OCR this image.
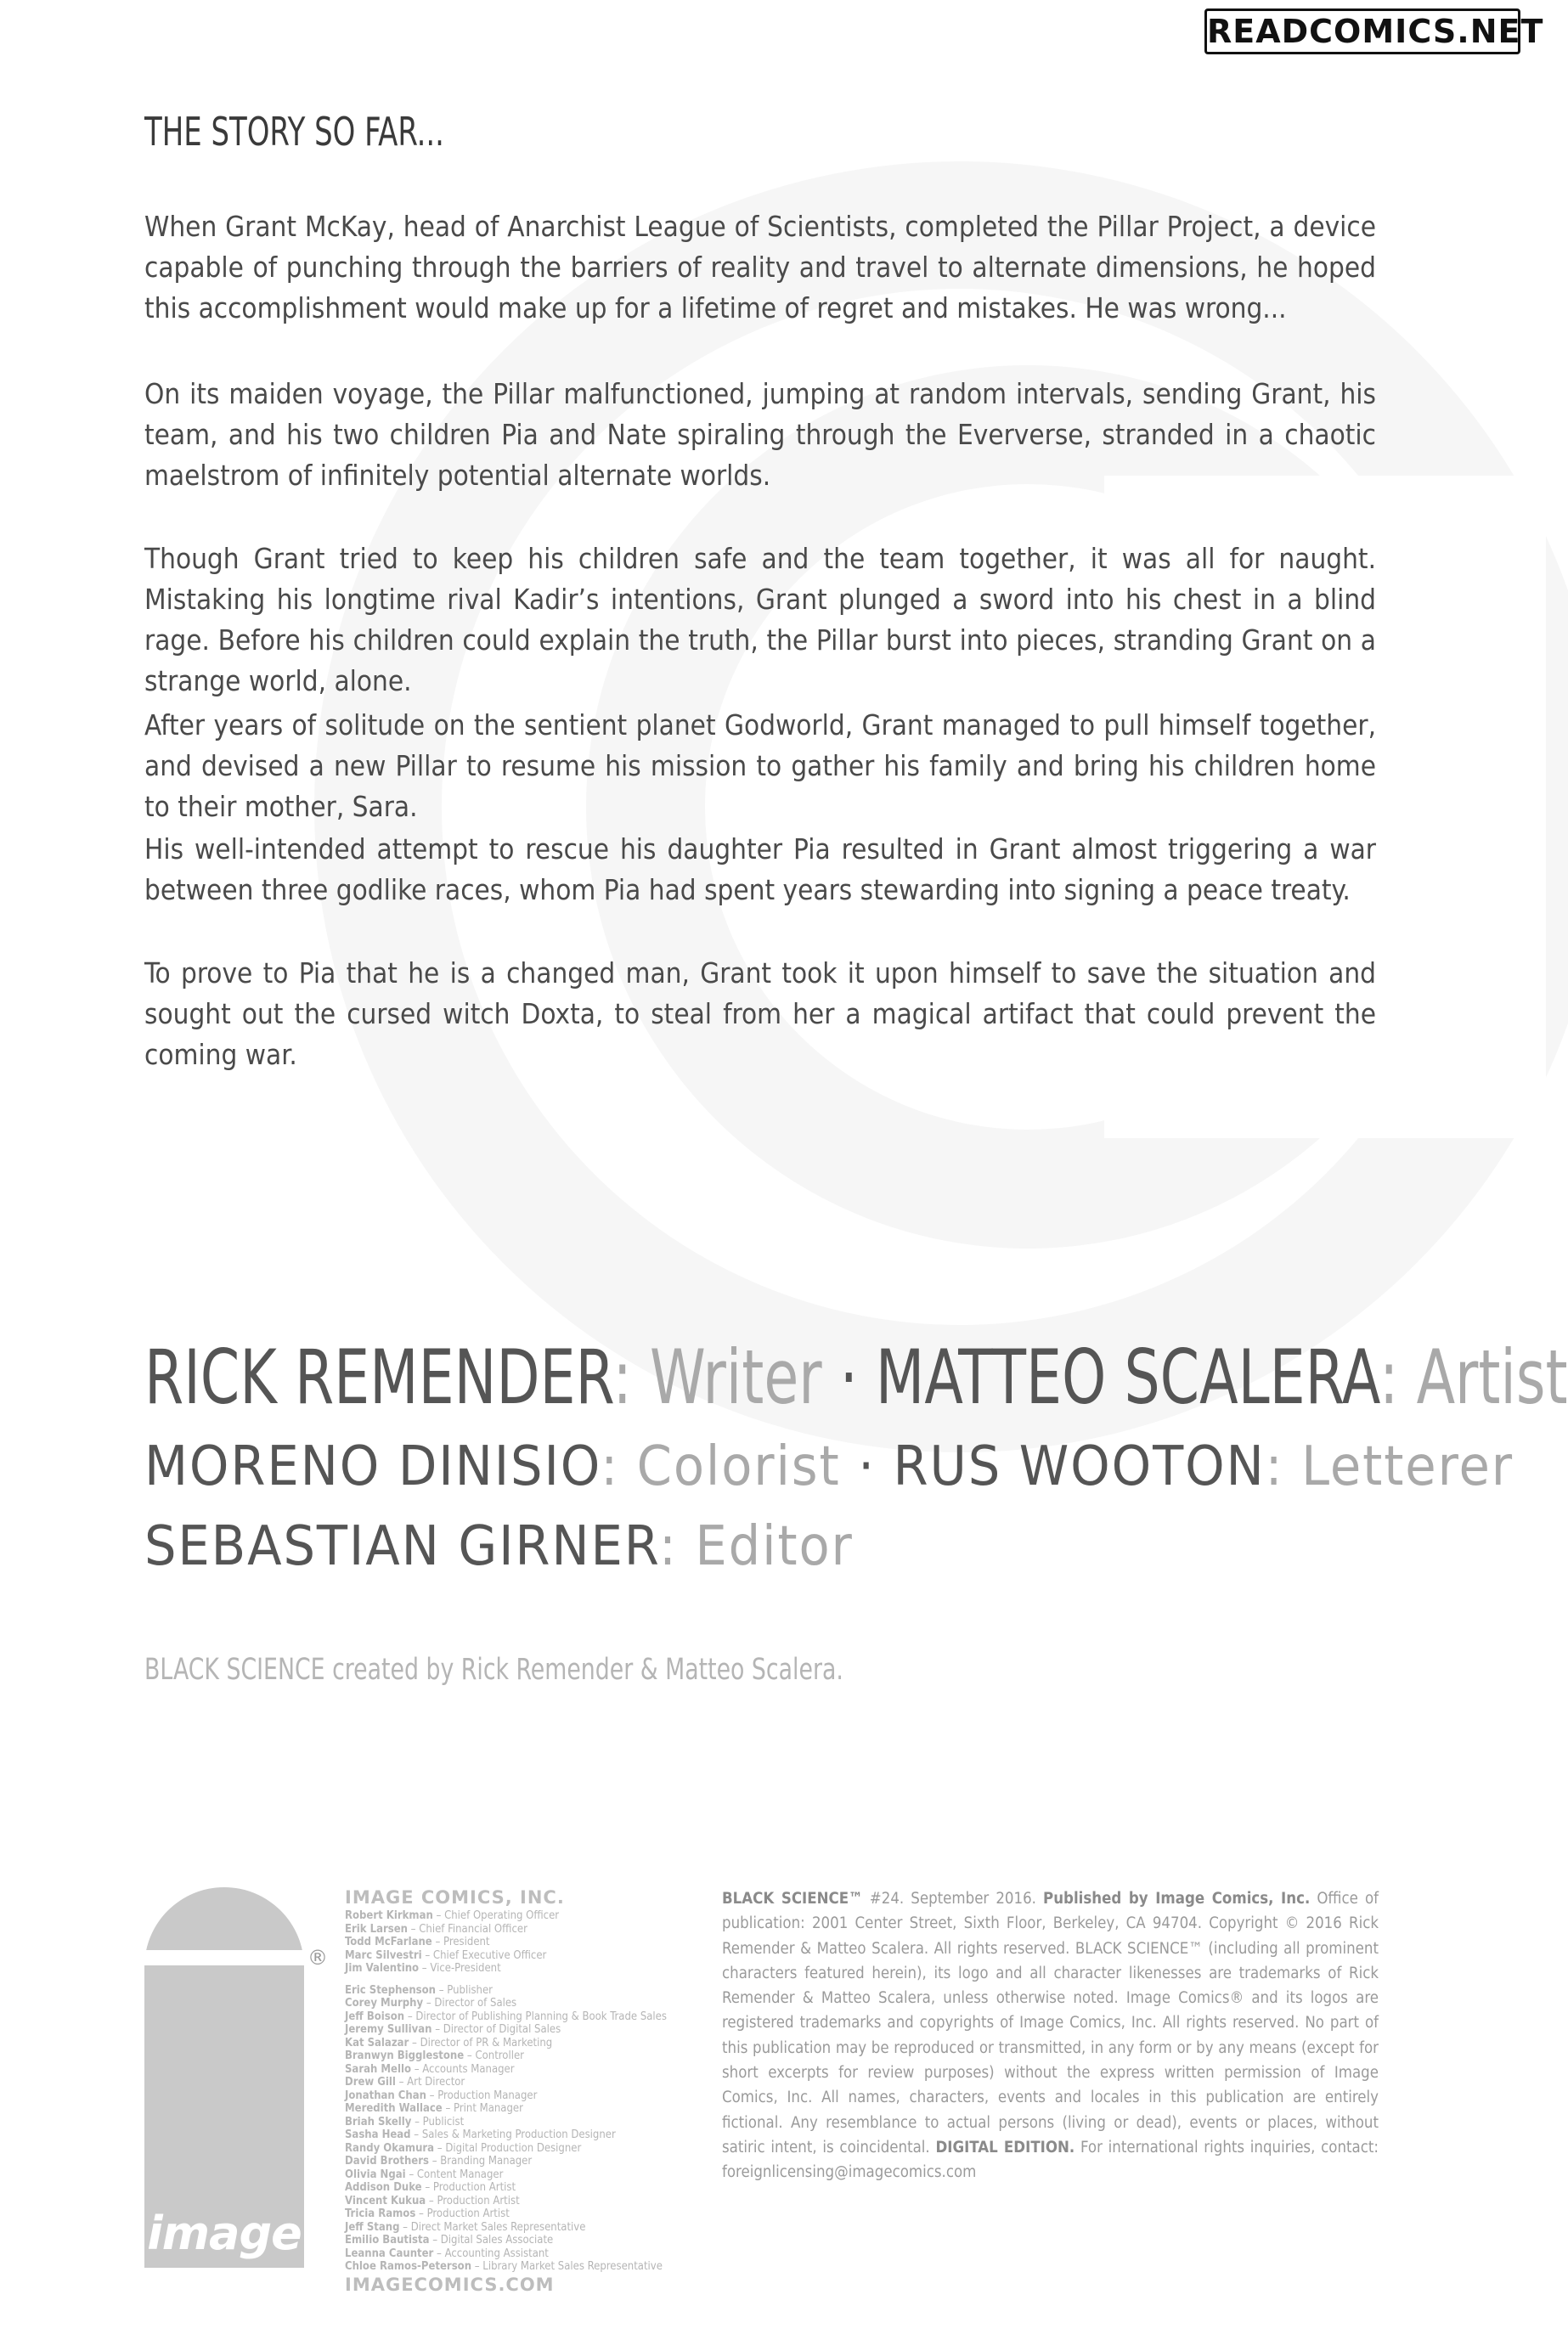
READCOMICS.NET
THE STORY SO FAR...

When Grant McKay, head of Anarchist League of Scientists, completed the Pillar Project, a device capable of punching through the barriers of reality and travel to alternate dimensions, he hoped this accomplishment would make up for a lifetime of regret and mistakes. He was wrong...

On its maiden voyage, the Pillar malfunctioned, jumping at random intervals, sending Grant, his team, and his two children Pia and Nate spiraling through the Eververse, stranded in a chaotic maelstrom of infinitely potential alternate worlds.

Though Grant tried to keep his children safe and the team together, it was all for naught. Mistaking his longtime rival Kadir’s intentions, Grant plunged a sword into his chest in a blind rage. Before his children could explain the truth, the Pillar burst into pieces, stranding Grant on a strange world, alone.

After years of solitude on the sentient planet Godworld, Grant managed to pull himself together, and devised a new Pillar to resume his mission to gather his family and bring his children home to their mother, Sara.

His well-intended attempt to rescue his daughter Pia resulted in Grant almost triggering a war between three godlike races, whom Pia had spent years stewarding into signing a peace treaty.

To prove to Pia that he is a changed man, Grant took it upon himself to save the situation and sought out the cursed witch Doxta, to steal from her a magical artifact that could prevent the coming war.

RICK REMENDER: Writer · MATTEO SCALERA: Artist
MORENO DINISIO: Colorist · RUS WOOTON: Letterer
SEBASTIAN GIRNER: Editor

BLACK SCIENCE created by Rick Remender & Matteo Scalera.

image
®
IMAGE COMICS, INC.
Robert Kirkman – Chief Operating Officer
Erik Larsen – Chief Financial Officer
Todd McFarlane – President
Marc Silvestri – Chief Executive Officer
Jim Valentino – Vice-President
Eric Stephenson – Publisher
Corey Murphy – Director of Sales
Jeff Boison – Director of Publishing Planning & Book Trade Sales
Jeremy Sullivan – Director of Digital Sales
Kat Salazar – Director of PR & Marketing
Branwyn Bigglestone – Controller
Sarah Mello – Accounts Manager
Drew Gill – Art Director
Jonathan Chan – Production Manager
Meredith Wallace – Print Manager
Briah Skelly – Publicist
Sasha Head – Sales & Marketing Production Designer
Randy Okamura – Digital Production Designer
David Brothers – Branding Manager
Olivia Ngai – Content Manager
Addison Duke – Production Artist
Vincent Kukua – Production Artist
Tricia Ramos – Production Artist
Jeff Stang – Direct Market Sales Representative
Emilio Bautista – Digital Sales Associate
Leanna Caunter – Accounting Assistant
Chloe Ramos-Peterson – Library Market Sales Representative
IMAGECOMICS.COM

BLACK SCIENCE™ #24. September 2016. Published by Image Comics, Inc. Office of publication: 2001 Center Street, Sixth Floor, Berkeley, CA 94704. Copyright © 2016 Rick Remender & Matteo Scalera. All rights reserved. BLACK SCIENCE™ (including all prominent characters featured herein), its logo and all character likenesses are trademarks of Rick Remender & Matteo Scalera, unless otherwise noted. Image Comics® and its logos are registered trademarks and copyrights of Image Comics, Inc. All rights reserved. No part of this publication may be reproduced or transmitted, in any form or by any means (except for short excerpts for review purposes) without the express written permission of Image Comics, Inc. All names, characters, events and locales in this publication are entirely fictional. Any resemblance to actual persons (living or dead), events or places, without satiric intent, is coincidental. DIGITAL EDITION. For international rights inquiries, contact: foreignlicensing@imagecomics.com
